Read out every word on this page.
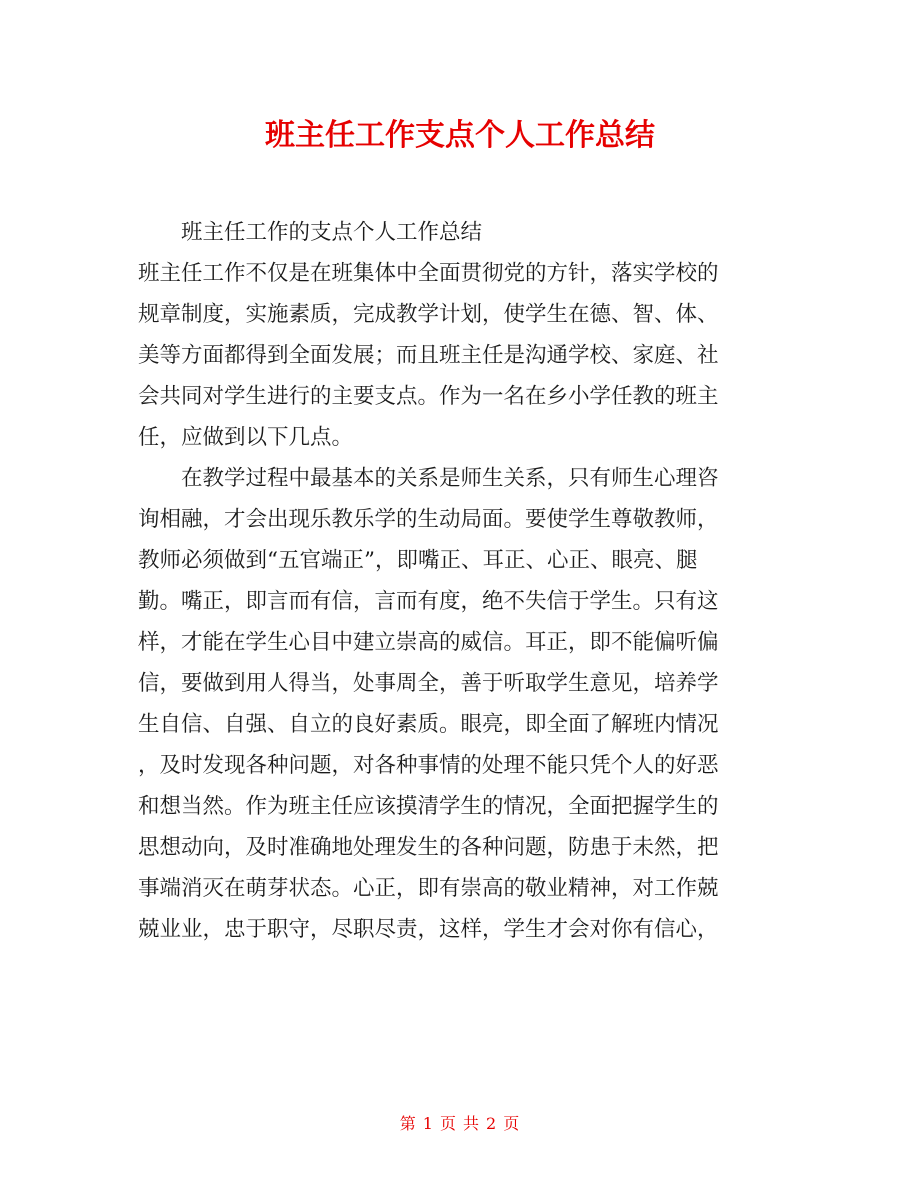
班主任工作支点个人工作总结
班主任工作的支点个人工作总结
班主任工作不仅是在班集体中全面贯彻党的方针，落实学校的
规章制度，实施素质，完成教学计划，使学生在德、智、体、
美等方面都得到全面发展；而且班主任是沟通学校、家庭、社
会共同对学生进行的主要支点。作为一名在乡小学任教的班主
任，应做到以下几点。
在教学过程中最基本的关系是师生关系，只有师生心理咨
询相融，才会出现乐教乐学的生动局面。要使学生尊敬教师，
教师必须做到“五官端正”，即嘴正、耳正、心正、眼亮、腿
勤。嘴正，即言而有信，言而有度，绝不失信于学生。只有这
样，才能在学生心目中建立崇高的威信。耳正，即不能偏听偏
信，要做到用人得当，处事周全，善于听取学生意见，培养学
生自信、自强、自立的良好素质。眼亮，即全面了解班内情况
，及时发现各种问题，对各种事情的处理不能只凭个人的好恶
和想当然。作为班主任应该摸清学生的情况，全面把握学生的
思想动向，及时准确地处理发生的各种问题，防患于未然，把
事端消灭在萌芽状态。心正，即有崇高的敬业精神，对工作兢
兢业业，忠于职守，尽职尽责，这样，学生才会对你有信心，
第 1 页 共 2 页
